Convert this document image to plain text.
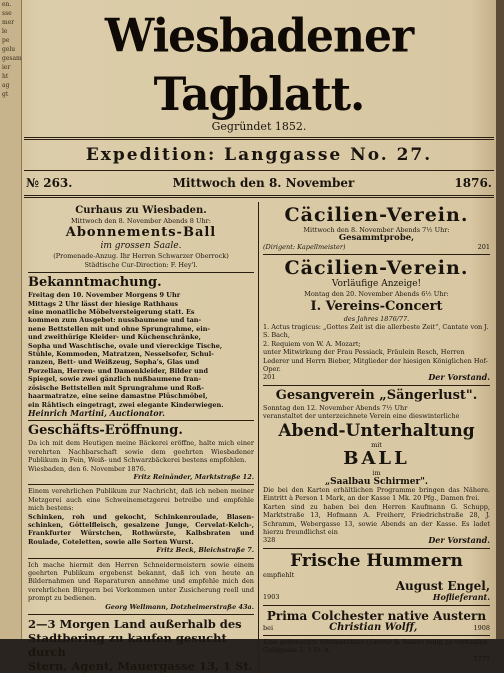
en.
sse
mer
le
pe
gelu
gesam
ier
ht
ag
gt
Wiesbadener Tagblatt.
Gegründet 1852.
Expedition: Langgasse No. 27.
№ 263.	Mittwoch den 8. November	1876.
Curhaus zu Wiesbaden.
Mittwoch den 8. November Abends 8 Uhr:
Abonnements-Ball
im grossen Saale.
(Promenade-Anzug. Ihr Herren Schwarzer Oberrock)
Städtische Cur-Direction: F. Hey'l.
Bekanntmachung.
Freitag den 10. November Morgens 9 Uhr
Mittags 2 Uhr lässt der hiesige Rathhaus
eine monatliche Möbelversteigerung statt. Es
kommen zum Ausgebot: nussbaumene und tan-
nene Bettstellen mit und ohne Sprungrahme, ein-
und zweithürige Kleider- und Küchenschränke,
Sopha und Waschtische, ovale und viereckige Tische,
Stühle, Kommoden, Matratzen, Nesselsofer, Schul-
ranzen, Bett- und Weißzeug, Sopha's, Glas und
Porzellan, Herren- und Damenkleider, Bilder und
Spiegel, sowie zwei gänzlich nußbaumene fran-
zösische Bettstellen mit Sprungrahme und Roß-
haarmatratze, eine seine damastne Plüschmöbel,
ein Rähtisch eingetragt, zwei elegante Kinderwiegen.
Heinrich Martini, Auctionator.
Geschäfts-Eröffnung.
Da ich mit dem Heutigen meine Bäckerei eröffne, halte mich einer verehrten Nachbarschaft sowie dem geehrten Wiesbadener Publikum in Fein, Weiß- und Schwarzbäckerei bestens empfohlen.
Wiesbaden, den 6. November 1876.
Fritz Reinänder, Marktstraße 12.
Einem verehrlichen Publikum zur Nachricht, daß ich neben meiner Metzgerei auch eine Schweinemetzgerei betreibe und empfehle mich bestens:
Schinken, roh und gekocht, Schinkenroulade, Blasen-schinken, Göttelfleisch, gesalzene Junge, Cervelat-Kelch-, Frankfurter Würstchen, Rothwürste, Kalbsbraten und Roulade, Coteletten, sowie alle Sorten Wurst.
Fritz Beck, Bleichstraße 7.
Ich mache hiermit den Herren Schneidermeistern sowie einem geehrten Publikum ergebenst bekannt, daß ich von heute an Bildernahmen und Reparaturen annehme und empfehle mich den verehrlichen Bürgern bei Vorkommen unter Zusicherung reell und prompt zu bedienen.
Georg Wellmann, Dotzheimerstraße 43a.
2—3 Morgen Land außerhalb des
Stadtbering zu kaufen gesucht durch
Stern, Agent, Mauergasse 13, 1 St.
Cäcilien-Verein.
Mittwoch den 8. November Abends 7½ Uhr:
Gesammtprobe,
(Dirigent: Kapellmeister)	201
Cäcilien-Verein.
Vorläufige Anzeige!
Montag den 20. November Abends 6½ Uhr:
I. Vereins-Concert
des Jahres 1876/77.
1. Actus tragicus: „Gottes Zeit ist die allerbeste Zeit", Cantate von J. S. Bach,
2. Requiem von W. A. Mozart;
unter Mitwirkung der Frau Pessiack, Fräulein Resch, Herren Lederer und Herrn Bieber, Mitglieder der hiesigen Königlichen Hof-Oper.
201	Der Vorstand.
Gesangverein „Sängerlust".
Sonntag den 12. November Abends 7½ Uhr
veranstaltet der unterzeichnete Verein eine dieswinterliche
Abend-Unterhaltung
mit
BALL
im
„Saalbau Schirmer".
Die bei den Karten erhältlichen Programme bringen das Nähere. Eintritt à Person 1 Mark, an der Kasse 1 Mk. 20 Pfg., Damen frei.
Karten sind zu haben bei den Herren Kaufmann G. Schupp, Marktstraße 13, Hofmann A. Freiherr, Friedrichstraße 28, J. Schramm, Webergasse 13, sowie Abends an der Kasse. Es ladet hierzu freundlichst ein
328	Der Vorstand.
Frische Hummern
empfiehlt
August Engel,
1903	Hoflieferant.
Prima Colchester native Austern
bei	Christian Wolff,	1908
Eine gebrauchte Nähmaschine (Grover & Baker) billig zu verkaufen Goldgasse 2, 1 St. h.
1777
